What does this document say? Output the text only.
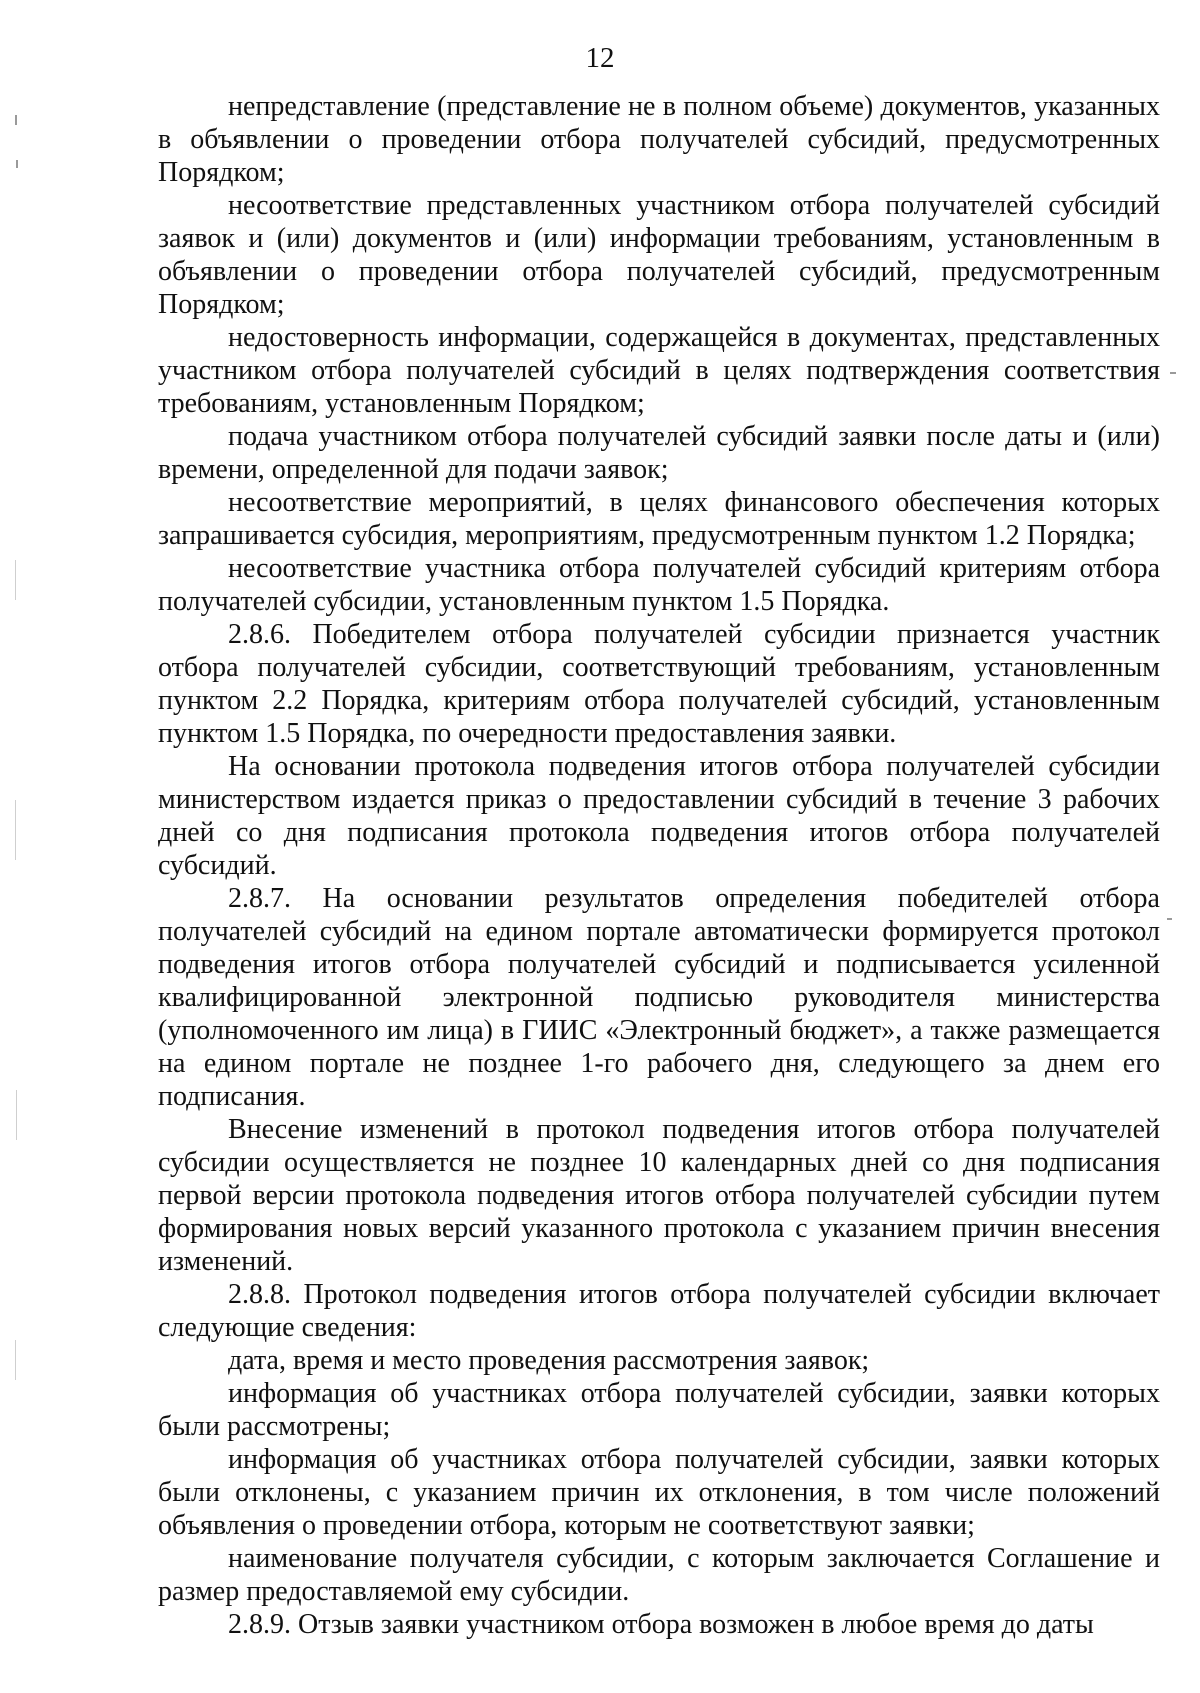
12

непредставление (представление не в полном объеме) документов, указанных в объявлении о проведении отбора получателей субсидий, предусмотренных Порядком;

несоответствие представленных участником отбора получателей субсидий заявок и (или) документов и (или) информации требованиям, установленным в объявлении о проведении отбора получателей субсидий, предусмотренным Порядком;

недостоверность информации, содержащейся в документах, представленных участником отбора получателей субсидий в целях подтверждения соответствия требованиям, установленным Порядком;

подача участником отбора получателей субсидий заявки после даты и (или) времени, определенной для подачи заявок;

несоответствие мероприятий, в целях финансового обеспечения которых запрашивается субсидия, мероприятиям, предусмотренным пунктом 1.2 Порядка;

несоответствие участника отбора получателей субсидий критериям отбора получателей субсидии, установленным пунктом 1.5 Порядка.

2.8.6. Победителем отбора получателей субсидии признается участник отбора получателей субсидии, соответствующий требованиям, установленным пунктом 2.2 Порядка, критериям отбора получателей субсидий, установленным пунктом 1.5 Порядка, по очередности предоставления заявки.

На основании протокола подведения итогов отбора получателей субсидии министерством издается приказ о предоставлении субсидий в течение 3 рабочих дней со дня подписания протокола подведения итогов отбора получателей субсидий.

2.8.7. На основании результатов определения победителей отбора получателей субсидий на едином портале автоматически формируется протокол подведения итогов отбора получателей субсидий и подписывается усиленной квалифицированной электронной подписью руководителя министерства (уполномоченного им лица) в ГИИС «Электронный бюджет», а также размещается на едином портале не позднее 1-го рабочего дня, следующего за днем его подписания.

Внесение изменений в протокол подведения итогов отбора получателей субсидии осуществляется не позднее 10 календарных дней со дня подписания первой версии протокола подведения итогов отбора получателей субсидии путем формирования новых версий указанного протокола с указанием причин внесения изменений.

2.8.8. Протокол подведения итогов отбора получателей субсидии включает следующие сведения:

дата, время и место проведения рассмотрения заявок;

информация об участниках отбора получателей субсидии, заявки которых были рассмотрены;

информация об участниках отбора получателей субсидии, заявки которых были отклонены, с указанием причин их отклонения, в том числе положений объявления о проведении отбора, которым не соответствуют заявки;

наименование получателя субсидии, с которым заключается Соглашение и размер предоставляемой ему субсидии.

2.8.9. Отзыв заявки участником отбора возможен в любое время до даты
